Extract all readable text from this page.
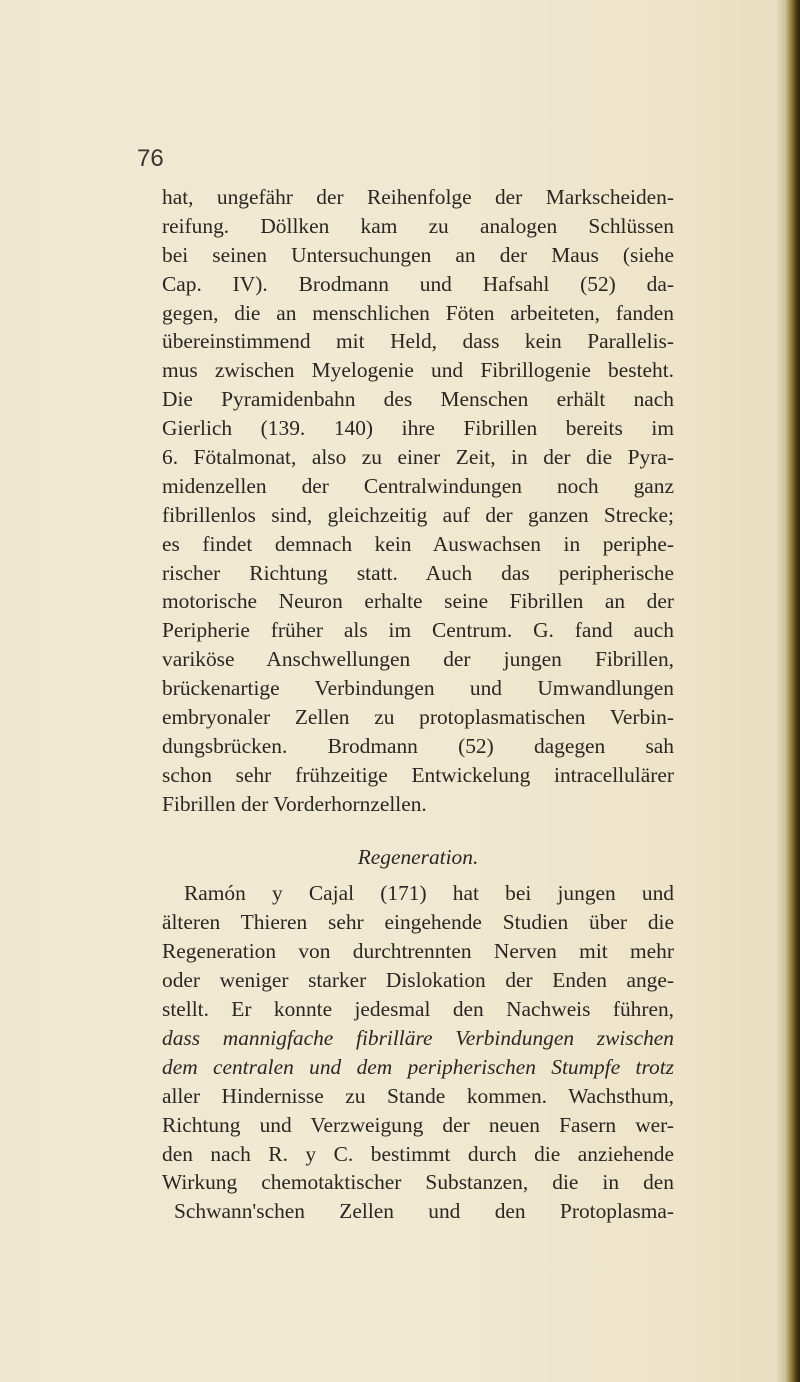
76
hat, ungefähr der Reihenfolge der Markscheiden-
reifung. Döllken kam zu analogen Schlüssen
bei seinen Untersuchungen an der Maus (siehe
Cap. IV). Brodmann und Hafsahl (52) da-
gegen, die an menschlichen Föten arbeiteten, fanden
übereinstimmend mit Held, dass kein Parallelis-
mus zwischen Myelogenie und Fibrillogenie besteht.
Die Pyramidenbahn des Menschen erhält nach
Gierlich (139. 140) ihre Fibrillen bereits im
6. Fötalmonat, also zu einer Zeit, in der die Pyra-
midenzellen der Centralwindungen noch ganz
fibrillenlos sind, gleichzeitig auf der ganzen Strecke;
es findet demnach kein Auswachsen in periphe-
rischer Richtung statt. Auch das peripherische
motorische Neuron erhalte seine Fibrillen an der
Peripherie früher als im Centrum. G. fand auch
variköse Anschwellungen der jungen Fibrillen,
brückenartige Verbindungen und Umwandlungen
embryonaler Zellen zu protoplasmatischen Verbin-
dungsbrücken. Brodmann (52) dagegen sah
schon sehr frühzeitige Entwickelung intracellulärer
Fibrillen der Vorderhornzellen.
Regeneration.
Ramón y Cajal (171) hat bei jungen und
älteren Thieren sehr eingehende Studien über die
Regeneration von durchtrennten Nerven mit mehr
oder weniger starker Dislokation der Enden ange-
stellt. Er konnte jedesmal den Nachweis führen,
dass mannigfache fibrilläre Verbindungen zwischen
dem centralen und dem peripherischen Stumpfe trotz
aller Hindernisse zu Stande kommen. Wachsthum,
Richtung und Verzweigung der neuen Fasern wer-
den nach R. y C. bestimmt durch die anziehende
Wirkung chemotaktischer Substanzen, die in den
Schwann'schen Zellen und den Protoplasma-
